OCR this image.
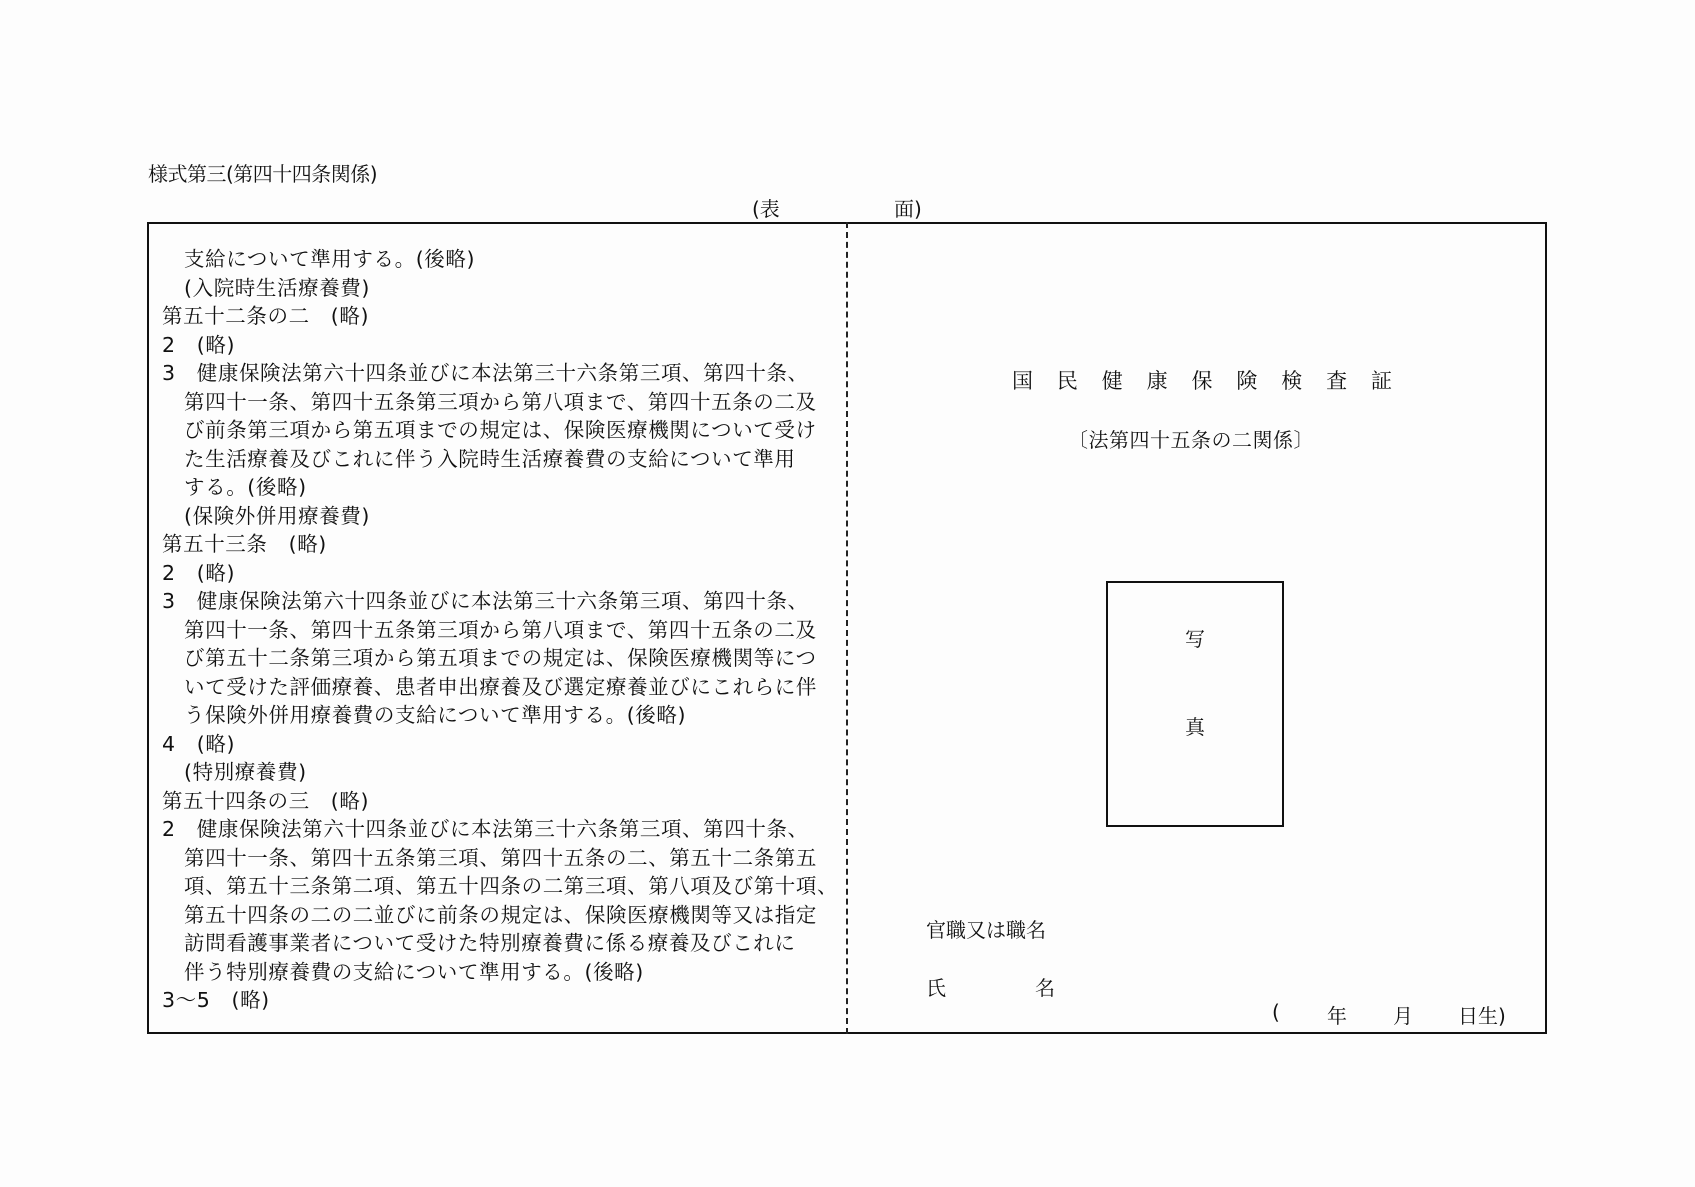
様式第三(第四十四条関係)
(表	面)
支給について準用する。(後略)
(入院時生活療養費)
第五十二条の二　(略)
2　(略)
3　健康保険法第六十四条並びに本法第三十六条第三項、第四十条、
第四十一条、第四十五条第三項から第八項まで、第四十五条の二及
び前条第三項から第五項までの規定は、保険医療機関について受け
た生活療養及びこれに伴う入院時生活療養費の支給について準用
する。(後略)
(保険外併用療養費)
第五十三条　(略)
2　(略)
3　健康保険法第六十四条並びに本法第三十六条第三項、第四十条、
第四十一条、第四十五条第三項から第八項まで、第四十五条の二及
び第五十二条第三項から第五項までの規定は、保険医療機関等につ
いて受けた評価療養、患者申出療養及び選定療養並びにこれらに伴
う保険外併用療養費の支給について準用する。(後略)
4　(略)
(特別療養費)
第五十四条の三　(略)
2　健康保険法第六十四条並びに本法第三十六条第三項、第四十条、
第四十一条、第四十五条第三項、第四十五条の二、第五十二条第五
項、第五十三条第二項、第五十四条の二第三項、第八項及び第十項、
第五十四条の二の二並びに前条の規定は、保険医療機関等又は指定
訪問看護事業者について受けた特別療養費に係る療養及びこれに
伴う特別療養費の支給について準用する。(後略)
3〜5　(略)
国 民 健 康 保 険 検 査 証
〔法第四十五条の二関係〕
写
真
官職又は職名
氏	名
( 年 月 日生)
